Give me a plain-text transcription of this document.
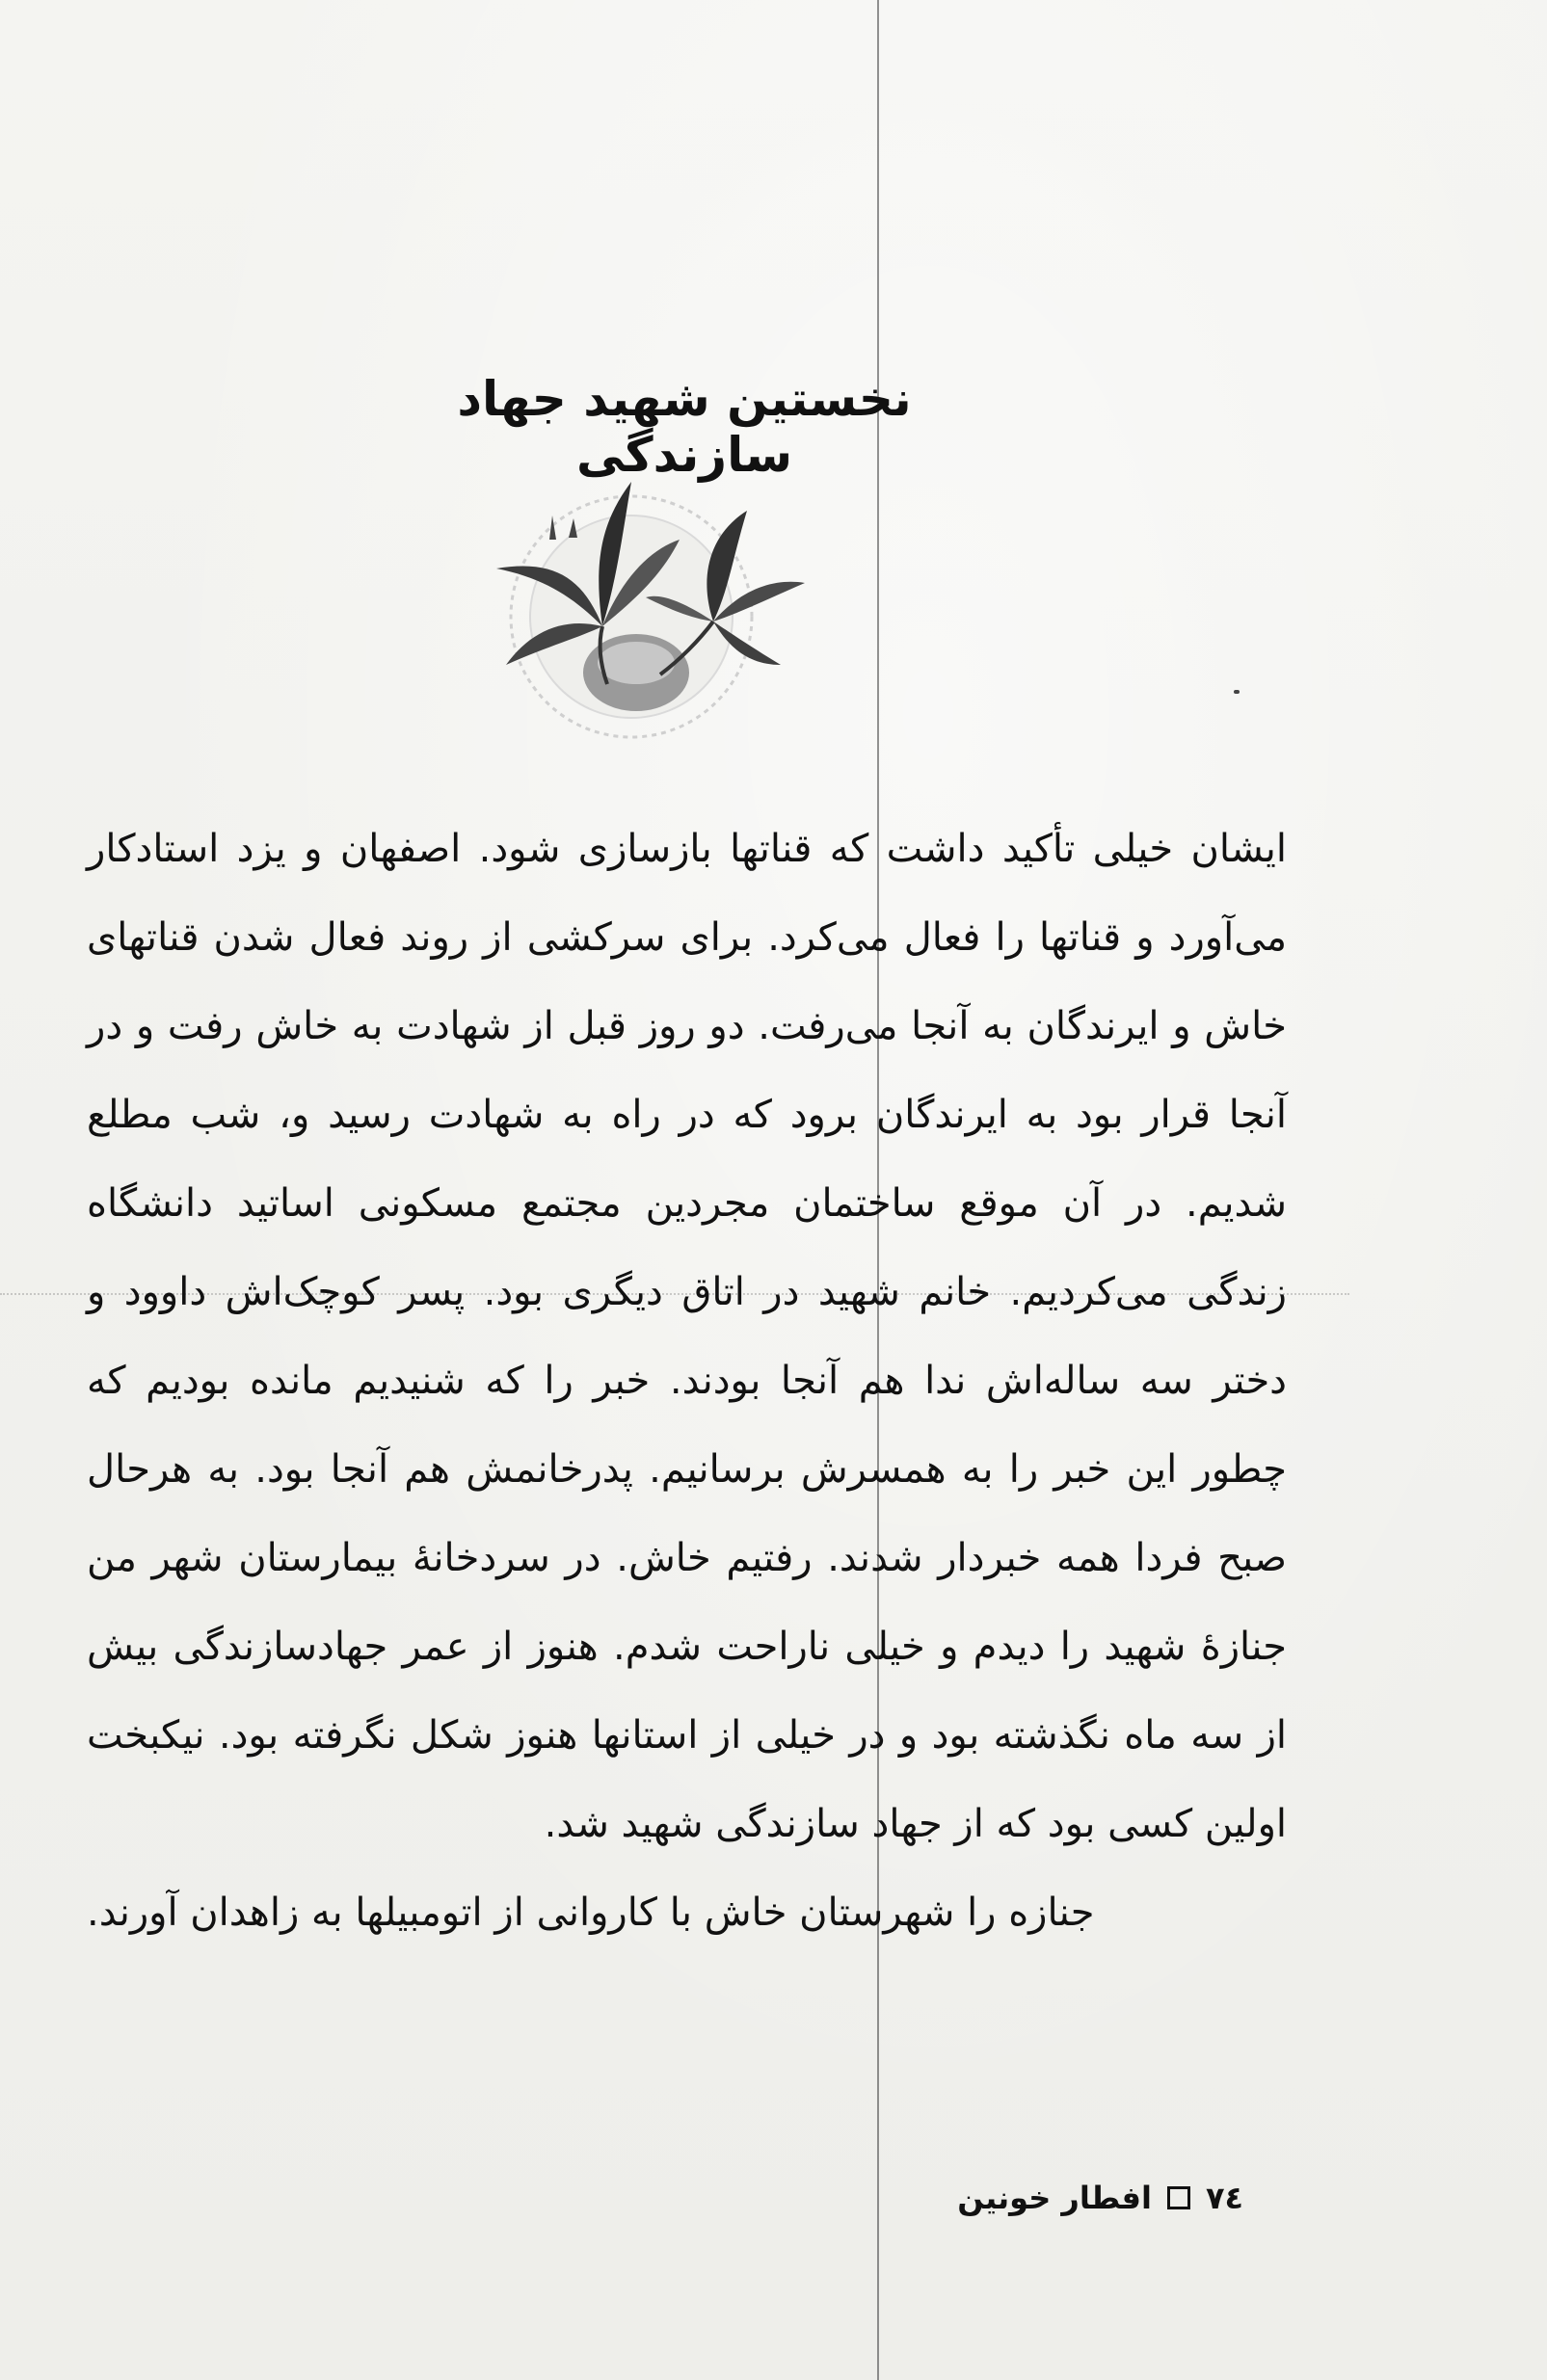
نخستین شهید جهاد سازندگی

ایشان خیلی تأکید داشت که قناتها بازسازی شود. اصفهان و یزد استادکار می‌آورد و قناتها را فعال می‌کرد. برای سرکشی از روند فعال شدن قناتهای خاش و ایرندگان به آنجا می‌رفت. دو روز قبل از شهادت به خاش رفت و در آنجا قرار بود به ایرندگان برود که در راه به شهادت رسید و، شب مطلع شدیم. در آن موقع ساختمان مجردین مجتمع مسکونی اساتید دانشگاه زندگی می‌کردیم. خانم شهید در اتاق دیگری بود. پسر کوچک‌اش داوود و دختر سه ساله‌اش ندا هم آنجا بودند. خبر را که شنیدیم مانده بودیم که چطور این خبر را به همسرش برسانیم. پدرخانمش هم آنجا بود. به هرحال صبح فردا همه خبردار شدند. رفتیم خاش. در سردخانهٔ بیمارستان شهر من جنازهٔ شهید را دیدم و خیلی ناراحت شدم. هنوز از عمر جهادسازندگی بیش از سه ماه نگذشته بود و در خیلی از استانها هنوز شکل نگرفته بود. نیکبخت اولین کسی بود که از جهاد سازندگی شهید شد.

جنازه را شهرستان خاش با کاروانی از اتومبیلها به زاهدان آورند.

۷٤
افطار خونین
